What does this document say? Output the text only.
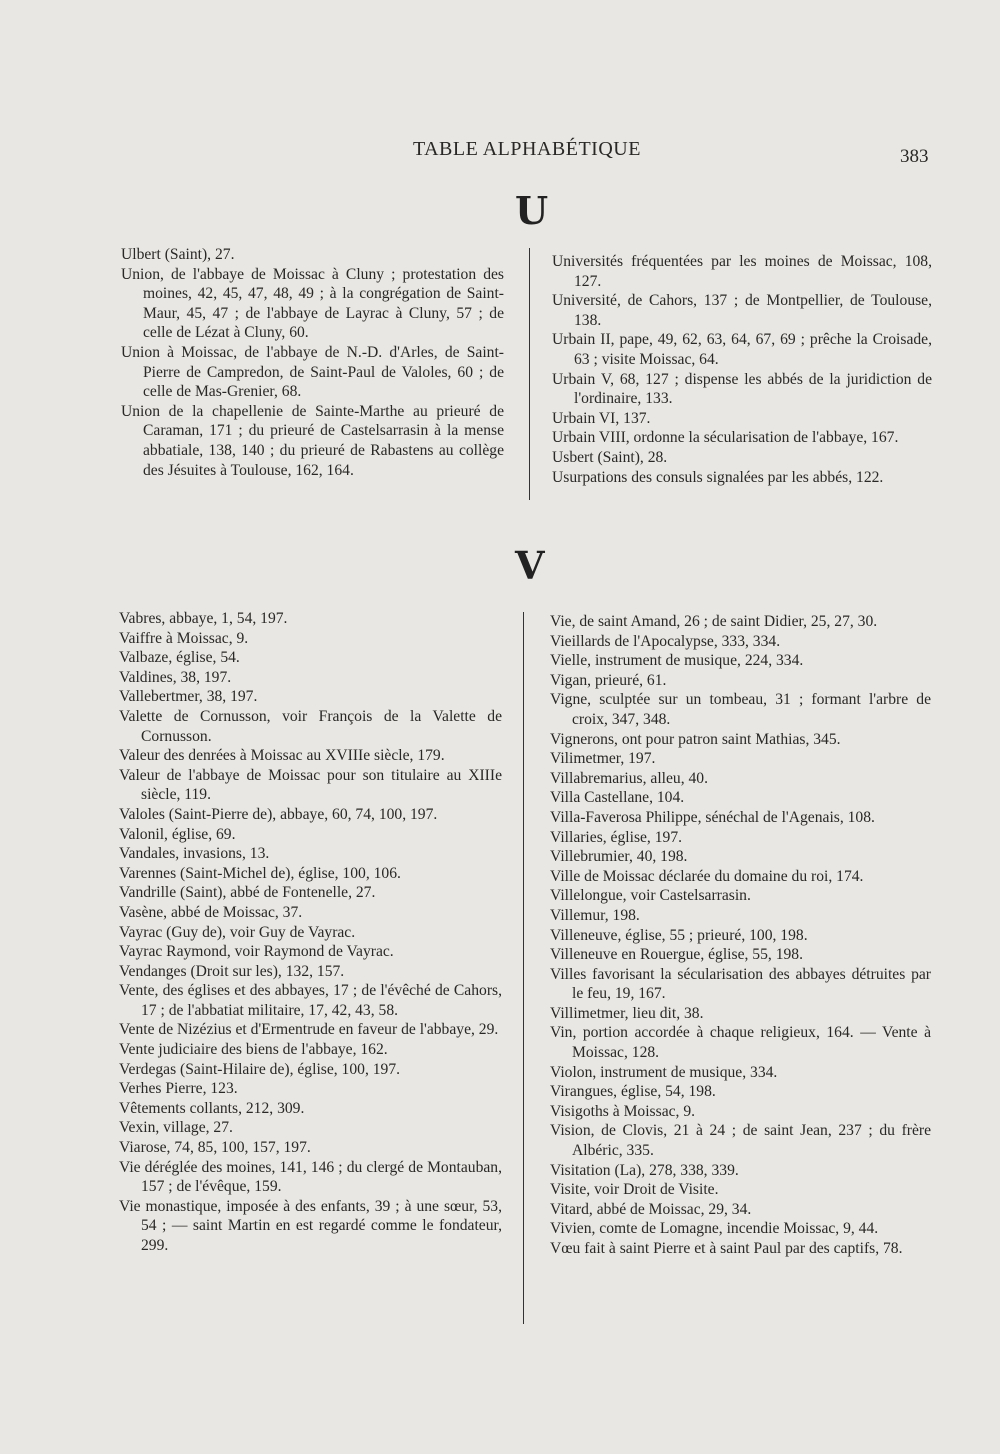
TABLE ALPHABÉTIQUE	383
U
Ulbert (Saint), 27.
Union, de l'abbaye de Moissac à Cluny ; protestation des moines, 42, 45, 47, 48, 49 ; à la congrégation de Saint-Maur, 45, 47 ; de l'abbaye de Layrac à Cluny, 57 ; de celle de Lézat à Cluny, 60.
Union à Moissac, de l'abbaye de N.-D. d'Arles, de Saint-Pierre de Campredon, de Saint-Paul de Valoles, 60 ; de celle de Mas-Grenier, 68.
Union de la chapellenie de Sainte-Marthe au prieuré de Caraman, 171 ; du prieuré de Castelsarrasin à la mense abbatiale, 138, 140 ; du prieuré de Rabastens au collège des Jésuites à Toulouse, 162, 164.
Universités fréquentées par les moines de Moissac, 108, 127.
Université, de Cahors, 137 ; de Montpellier, de Toulouse, 138.
Urbain II, pape, 49, 62, 63, 64, 67, 69 ; prêche la Croisade, 63 ; visite Moissac, 64.
Urbain V, 68, 127 ; dispense les abbés de la juridiction de l'ordinaire, 133.
Urbain VI, 137.
Urbain VIII, ordonne la sécularisation de l'abbaye, 167.
Usbert (Saint), 28.
Usurpations des consuls signalées par les abbés, 122.
V
Vabres, abbaye, 1, 54, 197.
Vaiffre à Moissac, 9.
Valbaze, église, 54.
Valdines, 38, 197.
Vallebertmer, 38, 197.
Valette de Cornusson, voir François de la Valette de Cornusson.
Valeur des denrées à Moissac au XVIIIe siècle, 179.
Valeur de l'abbaye de Moissac pour son titulaire au XIIIe siècle, 119.
Valoles (Saint-Pierre de), abbaye, 60, 74, 100, 197.
Valonil, église, 69.
Vandales, invasions, 13.
Varennes (Saint-Michel de), église, 100, 106.
Vandrille (Saint), abbé de Fontenelle, 27.
Vasène, abbé de Moissac, 37.
Vayrac (Guy de), voir Guy de Vayrac.
Vayrac Raymond, voir Raymond de Vayrac.
Vendanges (Droit sur les), 132, 157.
Vente, des églises et des abbayes, 17 ; de l'évêché de Cahors, 17 ; de l'abbatiat militaire, 17, 42, 43, 58.
Vente de Nizézius et d'Ermentrude en faveur de l'abbaye, 29.
Vente judiciaire des biens de l'abbaye, 162.
Verdegas (Saint-Hilaire de), église, 100, 197.
Verhes Pierre, 123.
Vêtements collants, 212, 309.
Vexin, village, 27.
Viarose, 74, 85, 100, 157, 197.
Vie déréglée des moines, 141, 146 ; du clergé de Montauban, 157 ; de l'évêque, 159.
Vie monastique, imposée à des enfants, 39 ; à une sœur, 53, 54 ; — saint Martin en est regardé comme le fondateur, 299.
Vie, de saint Amand, 26 ; de saint Didier, 25, 27, 30.
Vieillards de l'Apocalypse, 333, 334.
Vielle, instrument de musique, 224, 334.
Vigan, prieuré, 61.
Vigne, sculptée sur un tombeau, 31 ; formant l'arbre de croix, 347, 348.
Vignerons, ont pour patron saint Mathias, 345.
Vilimetmer, 197.
Villabremarius, alleu, 40.
Villa Castellane, 104.
Villa-Faverosa Philippe, sénéchal de l'Agenais, 108.
Villaries, église, 197.
Villebrumier, 40, 198.
Ville de Moissac déclarée du domaine du roi, 174.
Villelongue, voir Castelsarrasin.
Villemur, 198.
Villeneuve, église, 55 ; prieuré, 100, 198.
Villeneuve en Rouergue, église, 55, 198.
Villes favorisant la sécularisation des abbayes détruites par le feu, 19, 167.
Villimetmer, lieu dit, 38.
Vin, portion accordée à chaque religieux, 164. — Vente à Moissac, 128.
Violon, instrument de musique, 334.
Virangues, église, 54, 198.
Visigoths à Moissac, 9.
Vision, de Clovis, 21 à 24 ; de saint Jean, 237 ; du frère Albéric, 335.
Visitation (La), 278, 338, 339.
Visite, voir Droit de Visite.
Vitard, abbé de Moissac, 29, 34.
Vivien, comte de Lomagne, incendie Moissac, 9, 44.
Vœu fait à saint Pierre et à saint Paul par des captifs, 78.
